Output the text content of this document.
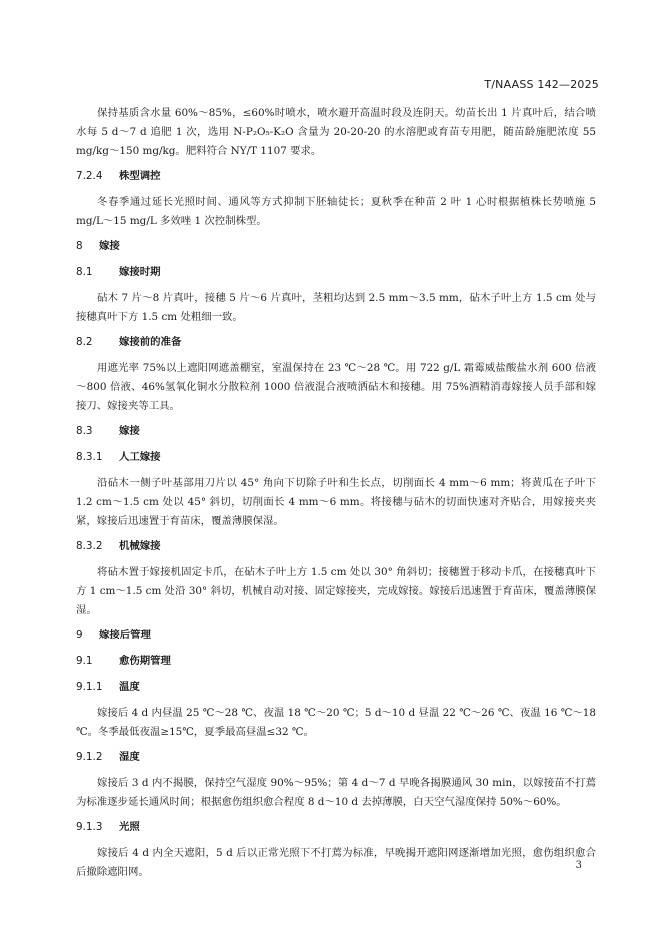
T/NAASS 142—2025

保持基质含水量 60%～85%，≤60%时喷水，喷水避开高温时段及连阴天。幼苗长出 1 片真叶后，结合喷水每 5 d～7 d 追肥 1 次，选用 N-P₂O₅-K₂O 含量为 20-20-20 的水溶肥或育苗专用肥，随苗龄施肥浓度 55 mg/kg～150 mg/kg。肥料符合 NY/T 1107 要求。

7.2.4 株型调控

冬春季通过延长光照时间、通风等方式抑制下胚轴徒长；夏秋季在种苗 2 叶 1 心时根据植株长势喷施 5 mg/L～15 mg/L 多效唑 1 次控制株型。

8 嫁接
8.1	嫁接时期

砧木 7 片～8 片真叶，接穗 5 片～6 片真叶，茎粗均达到 2.5 mm～3.5 mm，砧木子叶上方 1.5 cm 处与接穗真叶下方 1.5 cm 处粗细一致。

8.2	嫁接前的准备

用遮光率 75%以上遮阳网遮盖棚室，室温保持在 23 ℃～28 ℃。用 722 g/L 霜霉威盐酸盐水剂 600 倍液～800 倍液、46%氢氧化铜水分散粒剂 1000 倍液混合液喷洒砧木和接穗。用 75%酒精消毒嫁接人员手部和嫁接刀、嫁接夹等工具。

8.3	嫁接
8.3.1 人工嫁接

沿砧木一侧子叶基部用刀片以 45° 角向下切除子叶和生长点，切削面长 4 mm～6 mm；将黄瓜在子叶下 1.2 cm～1.5 cm 处以 45° 斜切，切削面长 4 mm～6 mm。将接穗与砧木的切面快速对齐贴合，用嫁接夹夹紧，嫁接后迅速置于育苗床，覆盖薄膜保湿。

8.3.2 机械嫁接

将砧木置于嫁接机固定卡爪，在砧木子叶上方 1.5 cm 处以 30° 角斜切；接穗置于移动卡爪，在接穗真叶下方 1 cm～1.5 cm 处沿 30° 斜切，机械自动对接、固定嫁接夹，完成嫁接。嫁接后迅速置于育苗床，覆盖薄膜保湿。

9 嫁接后管理
9.1	愈伤期管理
9.1.1 温度

嫁接后 4 d 内昼温 25 ℃～28 ℃、夜温 18 ℃～20 ℃；5 d～10 d 昼温 22 ℃～26 ℃、夜温 16 ℃～18 ℃。冬季最低夜温≥15℃，夏季最高昼温≤32 ℃。

9.1.2 湿度

嫁接后 3 d 内不揭膜，保持空气湿度 90%～95%；第 4 d～7 d 早晚各揭膜通风 30 min，以嫁接苗不打蔫为标准逐步延长通风时间；根据愈伤组织愈合程度 8 d～10 d 去掉薄膜，白天空气湿度保持 50%～60%。

9.1.3 光照

嫁接后 4 d 内全天遮阳，5 d 后以正常光照下不打蔫为标准，早晚揭开遮阳网逐渐增加光照，愈伤组织愈合后撤除遮阳网。

3
